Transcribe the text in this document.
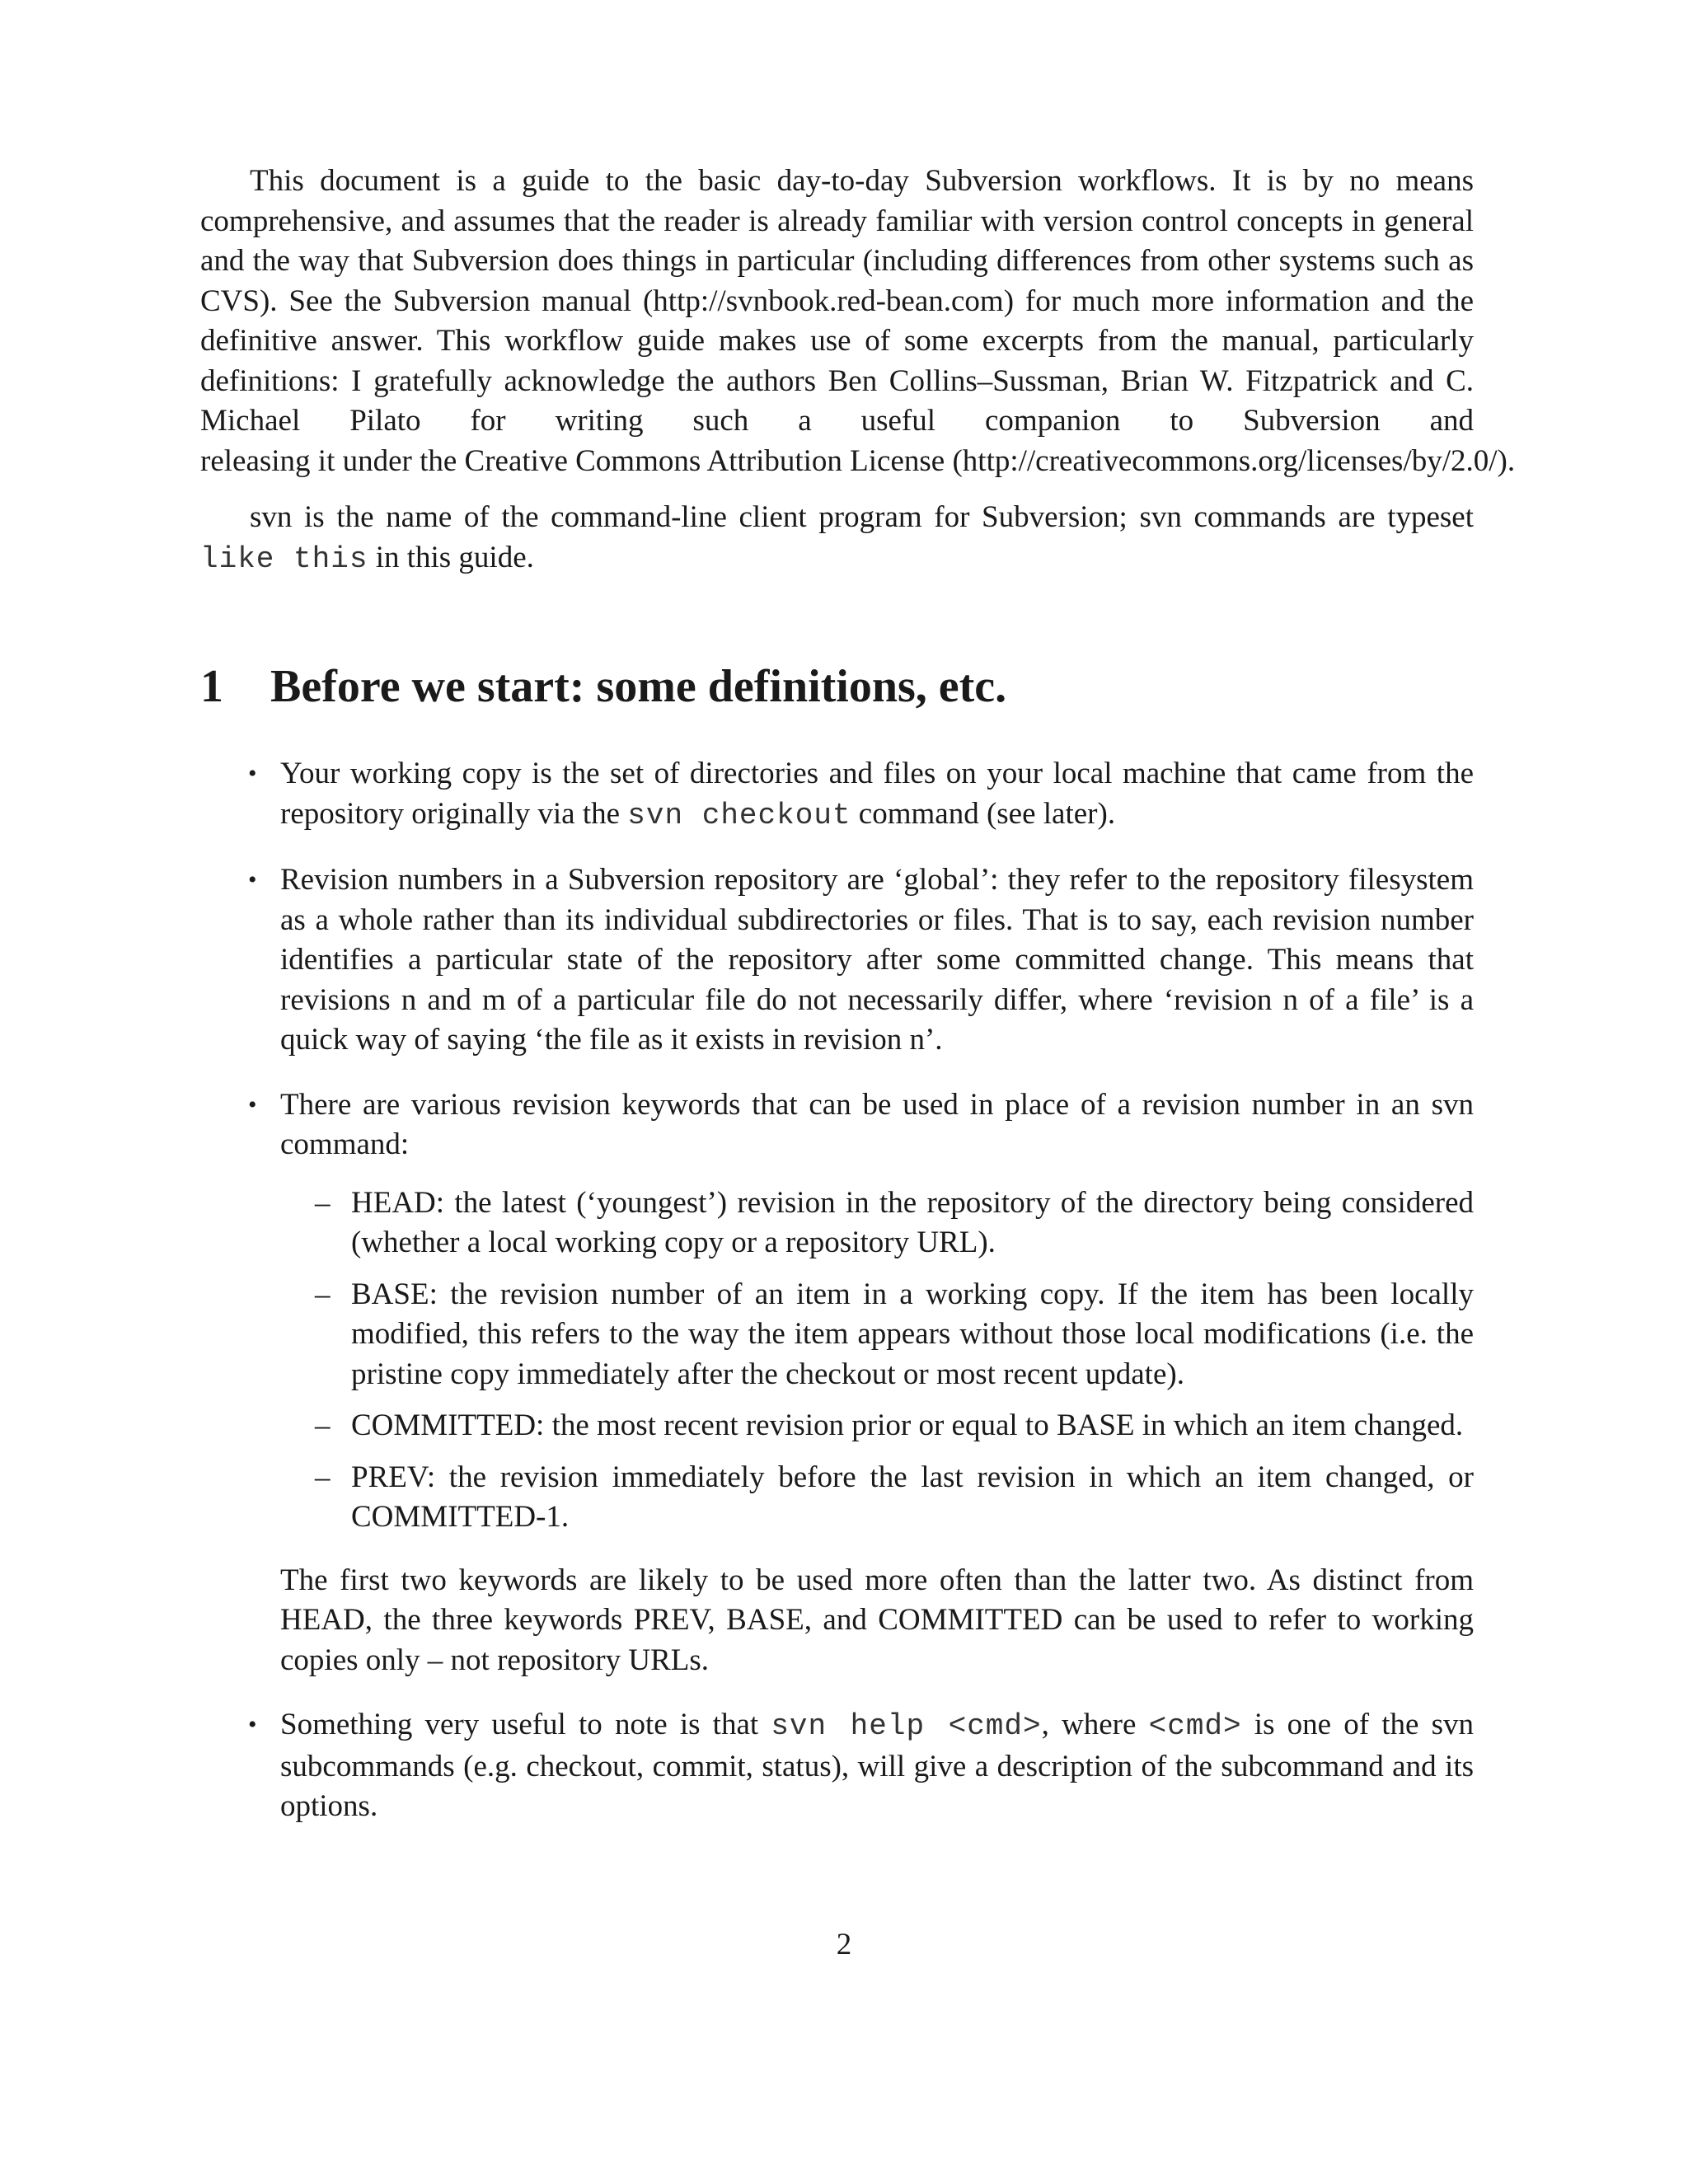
This document is a guide to the basic day-to-day Subversion workflows. It is by no means comprehensive, and assumes that the reader is already familiar with version control concepts in general and the way that Subversion does things in particular (including differences from other systems such as CVS). See the Subversion manual (http://svnbook.red-bean.com) for much more information and the definitive answer. This workflow guide makes use of some excerpts from the manual, particularly definitions: I gratefully acknowledge the authors Ben Collins–Sussman, Brian W. Fitzpatrick and C. Michael Pilato for writing such a useful companion to Subversion and releasing it under the Creative Commons Attribution License (http://creativecommons.org/licenses/by/2.0/).

svn is the name of the command-line client program for Subversion; svn commands are typeset like this in this guide.

1	Before we start: some definitions, etc.
• Your working copy is the set of directories and files on your local machine that came from the repository originally via the svn checkout command (see later).

• Revision numbers in a Subversion repository are ‘global’: they refer to the repository filesystem as a whole rather than its individual subdirectories or files. That is to say, each revision number identifies a particular state of the repository after some committed change. This means that revisions n and m of a particular file do not necessarily differ, where ‘revision n of a file’ is a quick way of saying ‘the file as it exists in revision n’.

• There are various revision keywords that can be used in place of a revision number in an svn command:

– HEAD: the latest (‘youngest’) revision in the repository of the directory being considered (whether a local working copy or a repository URL).

– BASE: the revision number of an item in a working copy. If the item has been locally modified, this refers to the way the item appears without those local modifications (i.e. the pristine copy immediately after the checkout or most recent update).

– COMMITTED: the most recent revision prior or equal to BASE in which an item changed.

– PREV: the revision immediately before the last revision in which an item changed, or COMMITTED-1.

The first two keywords are likely to be used more often than the latter two. As distinct from HEAD, the three keywords PREV, BASE, and COMMITTED can be used to refer to working copies only – not repository URLs.

• Something very useful to note is that svn help <cmd>, where <cmd> is one of the svn subcommands (e.g. checkout, commit, status), will give a description of the subcommand and its options.

2
